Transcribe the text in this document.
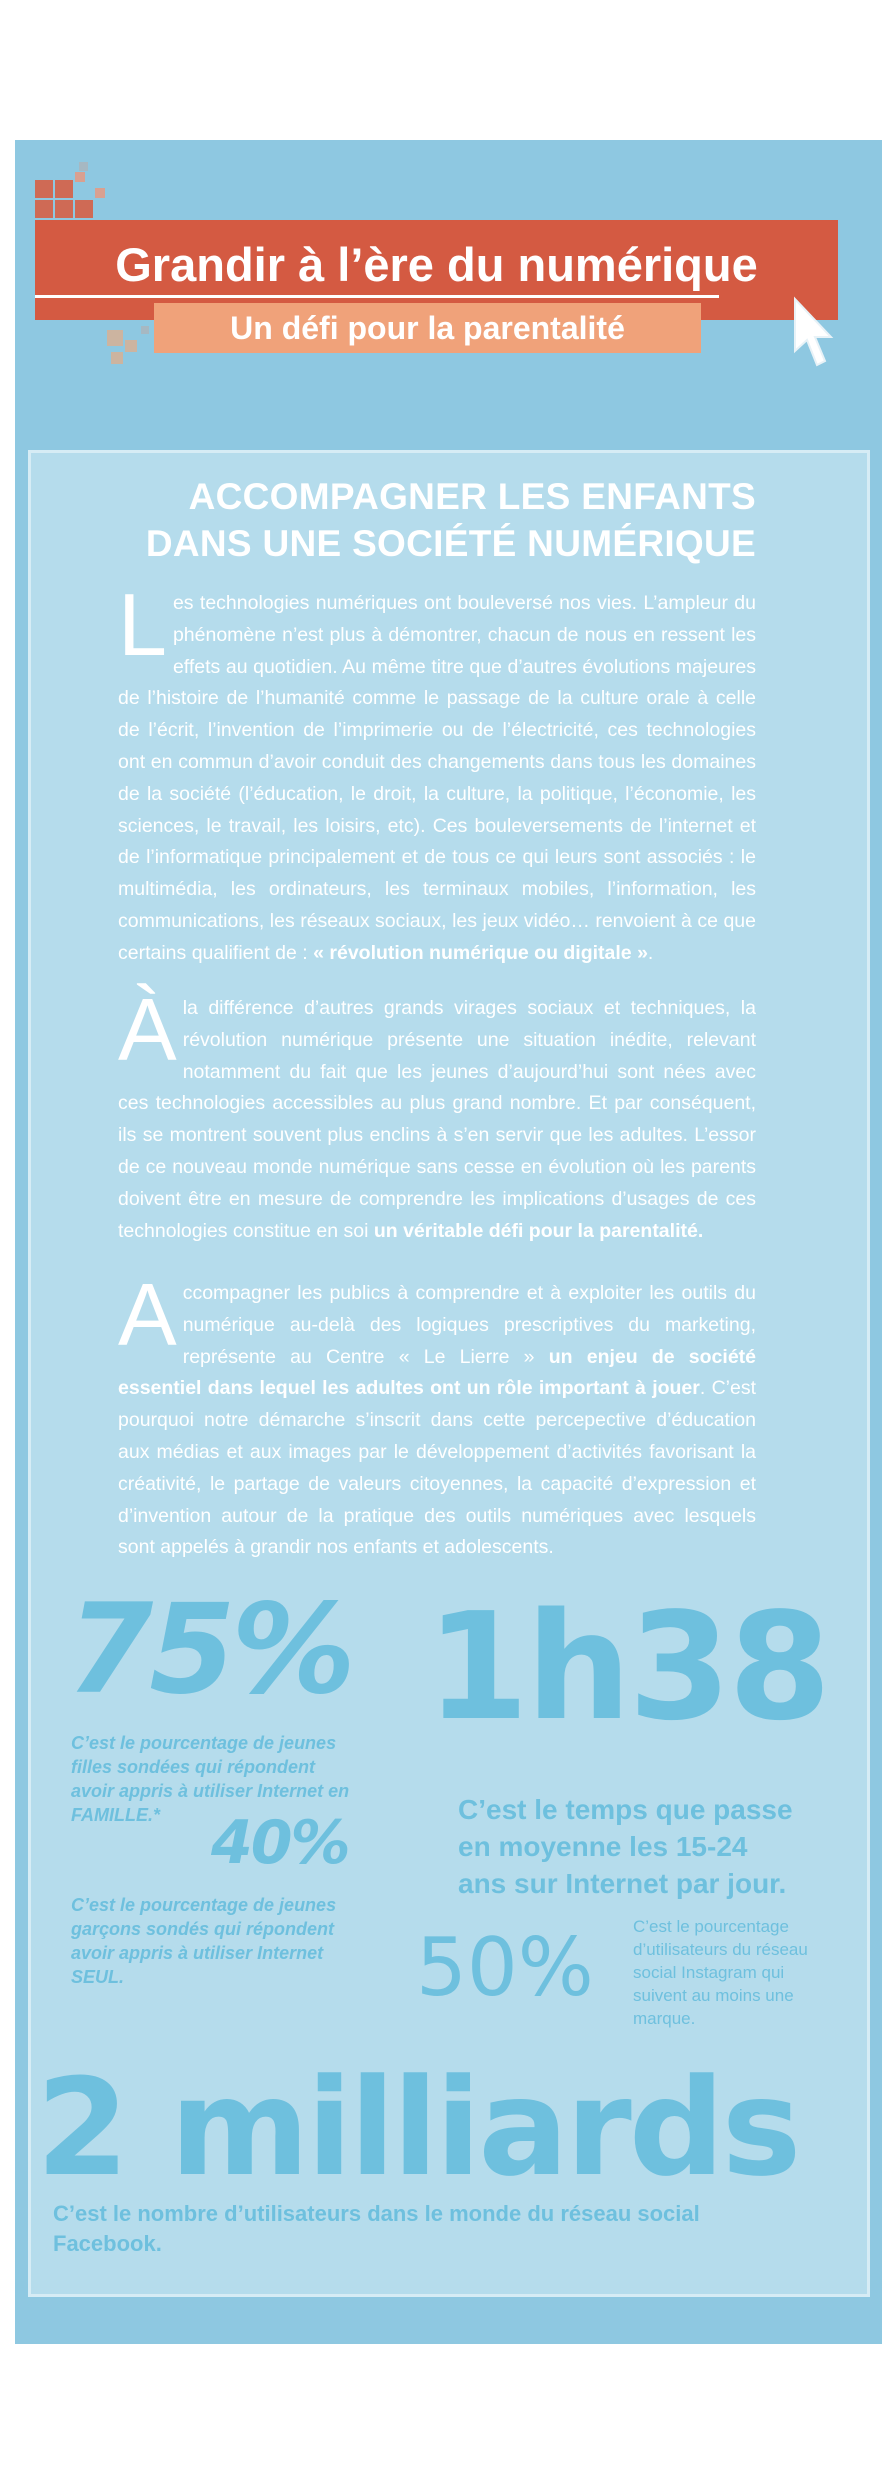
Grandir à l’ère du numérique
Un défi pour la parentalité
ACCOMPAGNER LES ENFANTS
DANS UNE SOCIÉTÉ NUMÉRIQUE

Les technologies numériques ont bouleversé nos vies. L’ampleur du phénomène n’est plus à démontrer, chacun de nous en ressent les effets au quotidien. Au même titre que d’autres évolutions majeures de l’histoire de l’humanité comme le passage de la culture orale à celle de l’écrit, l’invention de l’imprimerie ou de l’électricité, ces technologies ont en commun d’avoir conduit des changements dans tous les domaines de la société (l’éducation, le droit, la culture, la politique, l’économie, les sciences, le travail, les loisirs, etc). Ces bouleversements de l’internet et de l’informatique principalement et de tous ce qui leurs sont associés : le multimédia, les ordinateurs, les terminaux mobiles, l’information, les communications, les réseaux sociaux, les jeux vidéo… renvoient à ce que certains qualifient de : « révolution numérique ou digitale ».

À la différence d’autres grands virages sociaux et techniques, la révolution numérique présente une situation inédite, relevant notamment du fait que les jeunes d’aujourd’hui sont nées avec ces technologies accessibles au plus grand nombre. Et par conséquent, ils se montrent souvent plus enclins à s’en servir que les adultes. L’essor de ce nouveau monde numérique sans cesse en évolution où les parents doivent être en mesure de comprendre les implications d’usages de ces technologies constitue en soi un véritable défi pour la parentalité.

Accompagner les publics à comprendre et à exploiter les outils du numérique au-delà des logiques prescriptives du marketing, représente au Centre « Le Lierre » un enjeu de société essentiel dans lequel les adultes ont un rôle important à jouer. C’est pourquoi notre démarche s’inscrit dans cette percepective d’éducation aux médias et aux images par le développement d’activités favorisant la créativité, le partage de valeurs citoyennes, la capacité d’expression et d’invention autour de la pratique des outils numériques avec lesquels sont appelés à grandir nos enfants et adolescents.

75%
C’est le pourcentage de jeunes
filles sondées qui répondent
avoir appris à utiliser Internet en
FAMILLE.* 40%
C’est le pourcentage de jeunes
garçons sondés qui répondent
avoir appris à utiliser Internet
SEUL.
1h38
C’est le temps que passe
en moyenne les 15-24
ans sur Internet par jour.
50% C’est le pourcentage
d’utilisateurs du réseau
social Instagram qui
suivent au moins une
marque.
2 milliards
C’est le nombre d’utilisateurs dans le monde du réseau social
Facebook.
*Selon un sondage sur les pratiques numériques des jeunes du Centre « Le Lierre » réalisé courant de l’année 2017.
